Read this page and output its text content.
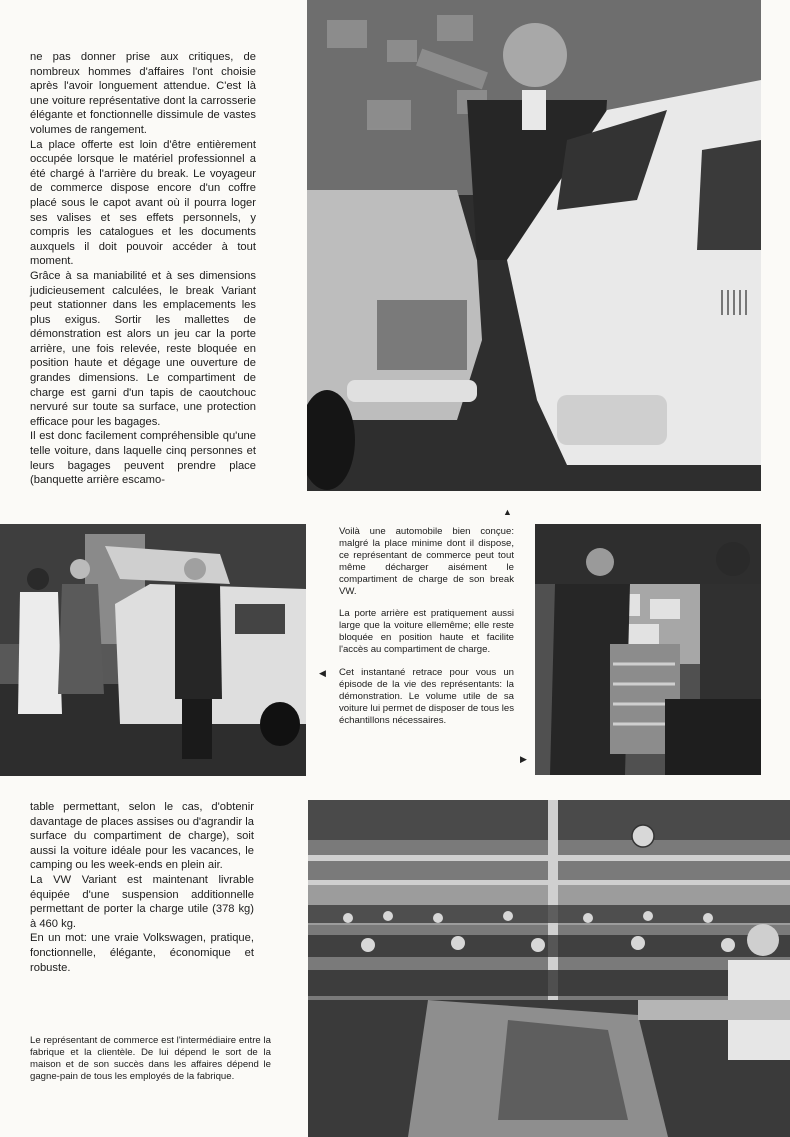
ne pas donner prise aux critiques, de nombreux hommes d'affaires l'ont choisie après l'avoir longuement attendue. C'est là une voiture représentative dont la carrosserie élégante et fonctionnelle dissimule de vastes volumes de rangement.

La place offerte est loin d'être entièrement occupée lorsque le matériel professionnel a été chargé à l'arrière du break. Le voyageur de commerce dispose encore d'un coffre placé sous le capot avant où il pourra loger ses valises et ses effets personnels, y compris les catalogues et les documents auxquels il doit pouvoir accéder à tout moment.

Grâce à sa maniabilité et à ses dimensions judicieusement calculées, le break Variant peut stationner dans les emplacements les plus exigus. Sortir les mallettes de démonstration est alors un jeu car la porte arrière, une fois relevée, reste bloquée en position haute et dégage une ouverture de grandes dimensions. Le compartiment de charge est garni d'un tapis de caoutchouc nervuré sur toute sa surface, une protection efficace pour les bagages.

Il est donc facilement compréhensible qu'une telle voiture, dans laquelle cinq personnes et leurs bagages peuvent prendre place (banquette arrière escamo-

▲

Voilà une automobile bien conçue: malgré la place minime dont il dispose, ce représentant de commerce peut tout même décharger aisément le compartiment de charge de son break VW.

La porte arrière est pratiquement aussi large que la voiture ellemême; elle reste bloquée en position haute et facilite l'accès au compartiment de charge.

Cet instantané retrace pour vous un épisode de la vie des représentants: la démonstration. Le volume utile de sa voiture lui permet de disposer de tous les échantillons nécessaires.

◀
▶

table permettant, selon le cas, d'obtenir davantage de places assises ou d'agrandir la surface du compartiment de charge), soit aussi la voiture idéale pour les vacances, le camping ou les week-ends en plein air.

La VW Variant est maintenant livrable équipée d'une suspension additionnelle permettant de porter la charge utile (378 kg) à 460 kg.

En un mot: une vraie Volkswagen, pratique, fonctionnelle, élégante, économique et robuste.

Le représentant de commerce est l'intermédiaire entre la fabrique et la clientèle. De lui dépend le sort de la maison et de son succès dans les affaires dépend le gagne-pain de tous les employés de la fabrique.
